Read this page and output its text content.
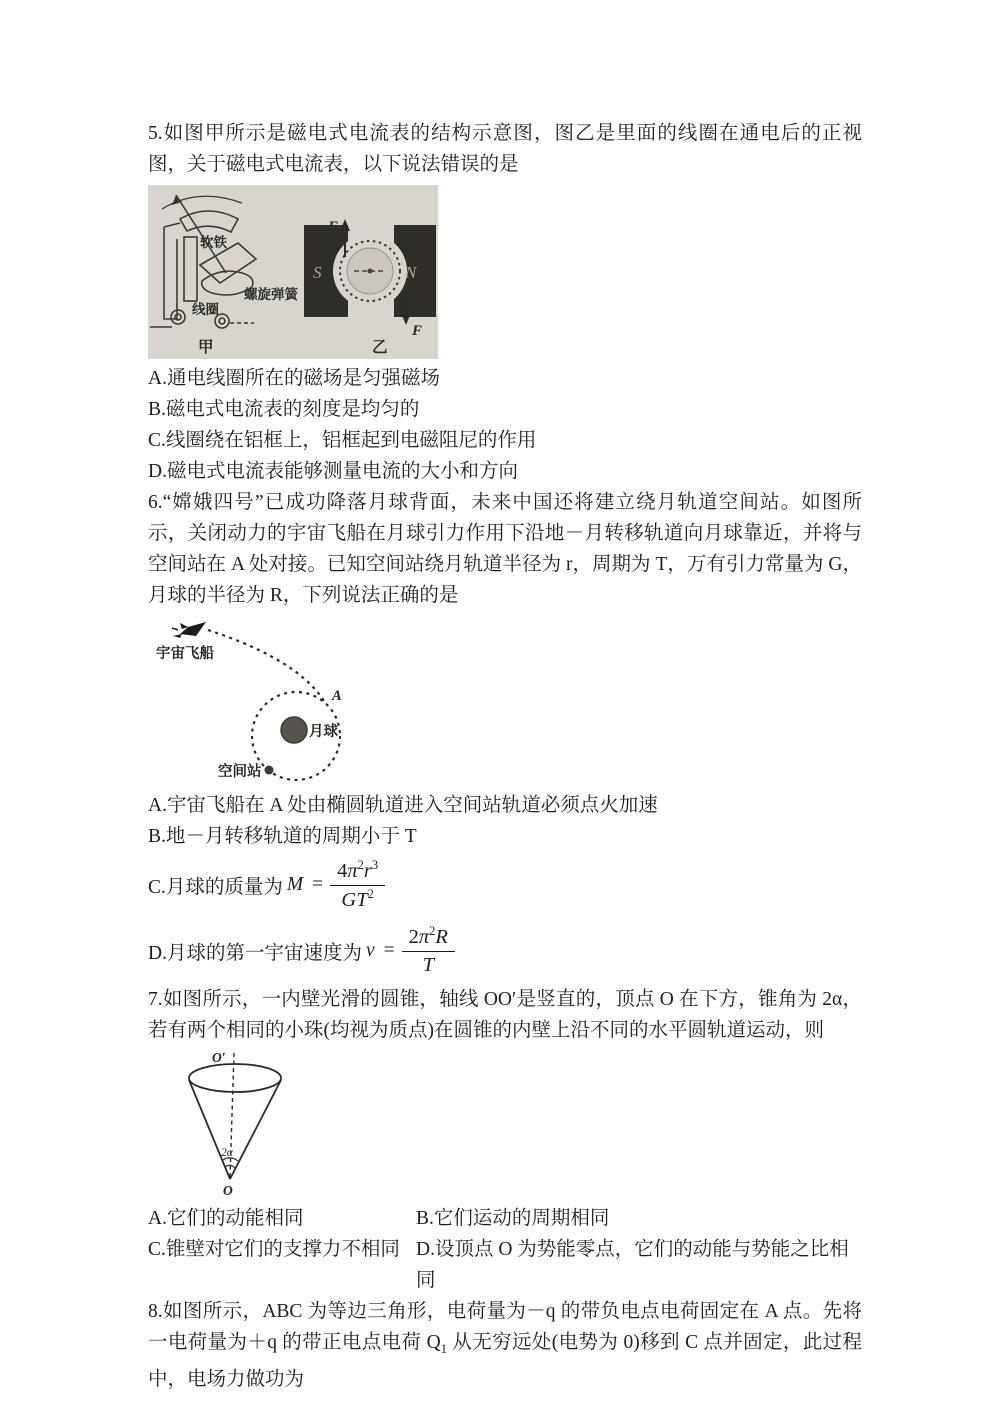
5.如图甲所示是磁电式电流表的结构示意图，图乙是里面的线圈在通电后的正视图，关于磁电式电流表，以下说法错误的是

软铁
螺旋弹簧
线圈
甲
S	N
F
F
乙

A.通电线圈所在的磁场是匀强磁场

B.磁电式电流表的刻度是均匀的

C.线圈绕在铝框上，铝框起到电磁阻尼的作用

D.磁电式电流表能够测量电流的大小和方向

6.“嫦娥四号”已成功降落月球背面，未来中国还将建立绕月轨道空间站。如图所示，关闭动力的宇宙飞船在月球引力作用下沿地－月转移轨道向月球靠近，并将与空间站在 A 处对接。已知空间站绕月轨道半径为 r，周期为 T，万有引力常量为 G，月球的半径为 R，下列说法正确的是

宇宙飞船
A
月球
空间站

A.宇宙飞船在 A 处由椭圆轨道进入空间站轨道必须点火加速

B.地－月转移轨道的周期小于 T

C.月球的质量为 $M = \frac{4\pi^2r^3}{GT^2}$
D.月球的第一宇宙速度为 $v = \frac{2\pi^2R}{T}$

7.如图所示，一内壁光滑的圆锥，轴线 OO′是竖直的，顶点 O 在下方，锥角为 2α，若有两个相同的小珠(均视为质点)在圆锥的内壁上沿不同的水平圆轨道运动，则

O′
2α
O
A.它们的动能相同	B.它们运动的周期相同
C.锥壁对它们的支撑力不相同 D.设顶点 O 为势能零点，它们的动能与势能之比相同

8.如图所示，ABC 为等边三角形，电荷量为－q 的带负电点电荷固定在 A 点。先将一电荷量为＋q 的带正电点电荷 $Q_1$ 从无穷远处(电势为 0)移到 C 点并固定，此过程中，电场力做功为
